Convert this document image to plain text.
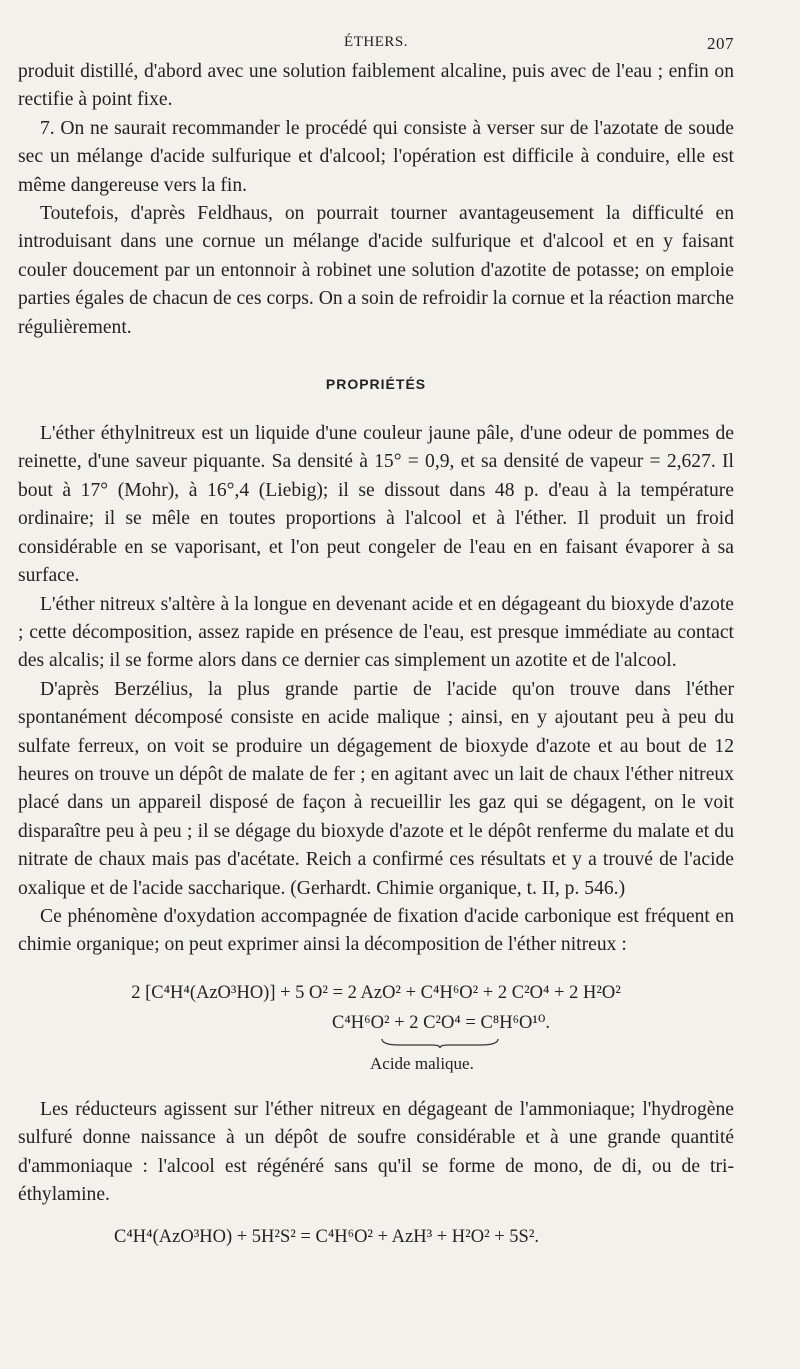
ÉTHERS.	207

produit distillé, d'abord avec une solution faiblement alcaline, puis avec de l'eau ; enfin on rectifie à point fixe.

7. On ne saurait recommander le procédé qui consiste à verser sur de l'azotate de soude sec un mélange d'acide sulfurique et d'alcool; l'opération est difficile à conduire, elle est même dangereuse vers la fin.

Toutefois, d'après Feldhaus, on pourrait tourner avantageusement la difficulté en introduisant dans une cornue un mélange d'acide sulfurique et d'alcool et en y faisant couler doucement par un entonnoir à robinet une solution d'azotite de potasse; on emploie parties égales de chacun de ces corps. On a soin de refroidir la cornue et la réaction marche régulièrement.

PROPRIÉTÉS

L'éther éthylnitreux est un liquide d'une couleur jaune pâle, d'une odeur de pommes de reinette, d'une saveur piquante. Sa densité à 15° = 0,9, et sa densité de vapeur = 2,627. Il bout à 17° (Mohr), à 16°,4 (Liebig); il se dissout dans 48 p. d'eau à la température ordinaire; il se mêle en toutes proportions à l'alcool et à l'éther. Il produit un froid considérable en se vaporisant, et l'on peut congeler de l'eau en en faisant évaporer à sa surface.

L'éther nitreux s'altère à la longue en devenant acide et en dégageant du bioxyde d'azote ; cette décomposition, assez rapide en présence de l'eau, est presque immédiate au contact des alcalis; il se forme alors dans ce dernier cas simplement un azotite et de l'alcool.

D'après Berzélius, la plus grande partie de l'acide qu'on trouve dans l'éther spontanément décomposé consiste en acide malique ; ainsi, en y ajoutant peu à peu du sulfate ferreux, on voit se produire un dégagement de bioxyde d'azote et au bout de 12 heures on trouve un dépôt de malate de fer ; en agitant avec un lait de chaux l'éther nitreux placé dans un appareil disposé de façon à recueillir les gaz qui se dégagent, on le voit disparaître peu à peu ; il se dégage du bioxyde d'azote et le dépôt renferme du malate et du nitrate de chaux mais pas d'acétate. Reich a confirmé ces résultats et y a trouvé de l'acide oxalique et de l'acide saccharique. (Gerhardt. Chimie organique, t. II, p. 546.)

Ce phénomène d'oxydation accompagnée de fixation d'acide carbonique est fréquent en chimie organique; on peut exprimer ainsi la décomposition de l'éther nitreux :

2 [C⁴H⁴(AzO³HO)] + 5 O² = 2 AzO² + C⁴H⁶O² + 2 C²O⁴ + 2 H²O²
C⁴H⁶O² + 2 C²O⁴ = C⁸H⁶O¹⁰.
Acide malique.

Les réducteurs agissent sur l'éther nitreux en dégageant de l'ammoniaque; l'hydrogène sulfuré donne naissance à un dépôt de soufre considérable et à une grande quantité d'ammoniaque : l'alcool est régénéré sans qu'il se forme de mono, de di, ou de tri-éthylamine.

C⁴H⁴(AzO³HO) + 5H²S² = C⁴H⁶O² + AzH³ + H²O² + 5S².
